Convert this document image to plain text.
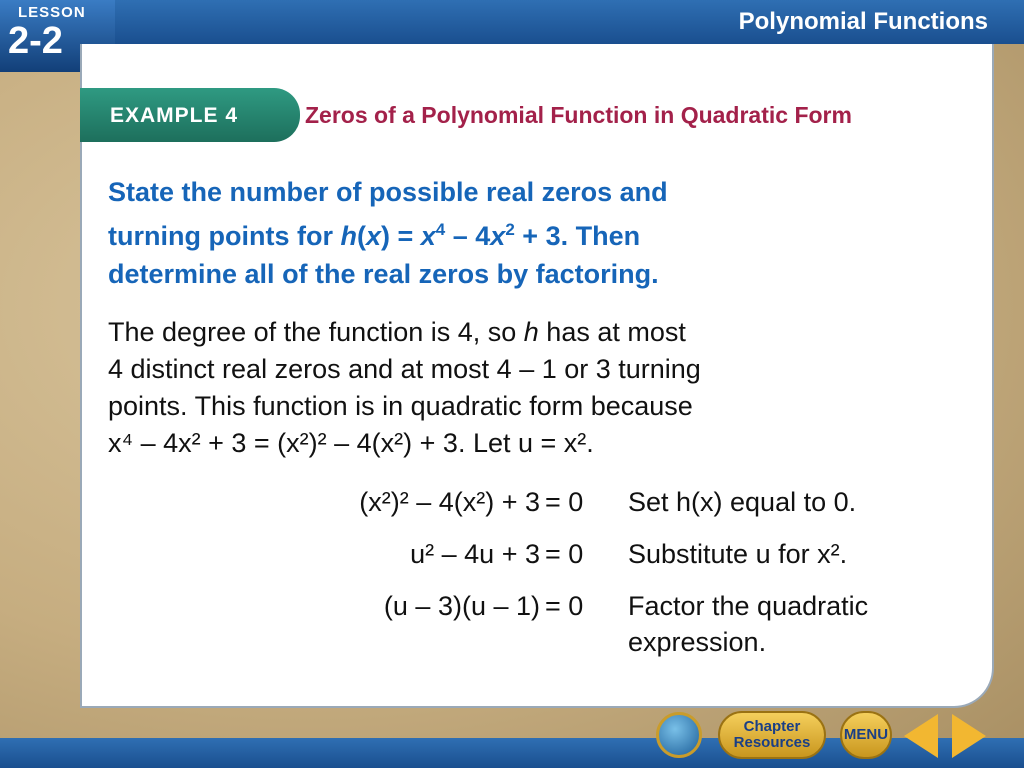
LESSON
2-2	Polynomial Functions
EXAMPLE 4	Zeros of a Polynomial Function in Quadratic Form
State the number of possible real zeros and
turning points for $h(x) = x^4 - 4x^2 + 3$. Then
determine all of the real zeros by factoring.
The degree of the function is 4, so h has at most
4 distinct real zeros and at most 4 – 1 or 3 turning
points. This function is in quadratic form because
x⁴ – 4x² + 3 = (x²)² – 4(x²) + 3. Let u = x².
(x²)² – 4(x²) + 3 = 0 Set h(x) equal to 0.
u² – 4u + 3 = 0 Substitute u for x².
(u – 3)(u – 1) = 0 Factor the quadratic expression.
Chapter Resources	MENU
